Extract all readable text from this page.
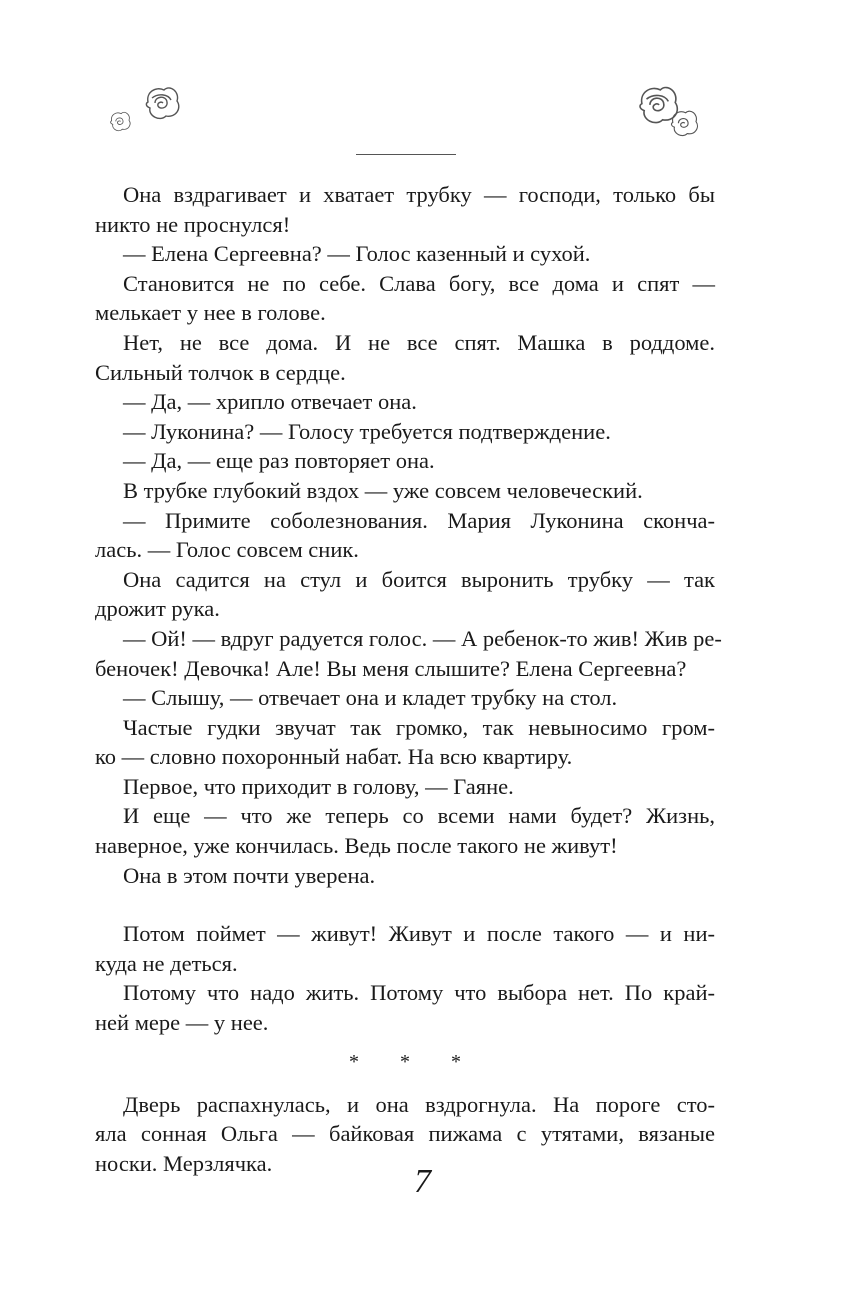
Она вздрагивает и хватает трубку — господи, только бы
никто не проснулся!
— Елена Сергеевна? — Голос казенный и сухой.
Становится не по себе. Слава богу, все дома и спят —
мелькает у нее в голове.
Нет, не все дома. И не все спят. Машка в роддоме.
Сильный толчок в сердце.
— Да, — хрипло отвечает она.
— Луконина? — Голосу требуется подтверждение.
— Да, — еще раз повторяет она.
В трубке глубокий вздох — уже совсем человеческий.
— Примите соболезнования. Мария Луконина сконча-
лась. — Голос совсем сник.
Она садится на стул и боится выронить трубку — так
дрожит рука.
— Ой! — вдруг радуется голос. — А ребенок-то жив! Жив ре-
беночек! Девочка! Але! Вы меня слышите? Елена Сергеевна?
— Слышу, — отвечает она и кладет трубку на стол.
Частые гудки звучат так громко, так невыносимо гром-
ко — словно похоронный набат. На всю квартиру.
Первое, что приходит в голову, — Гаяне.
И еще — что же теперь со всеми нами будет? Жизнь,
наверное, уже кончилась. Ведь после такого не живут!
Она в этом почти уверена.
Потом поймет — живут! Живут и после такого — и ни-
куда не деться.
Потому что надо жить. Потому что выбора нет. По край-
ней мере — у нее.
* * *
Дверь распахнулась, и она вздрогнула. На пороге сто-
яла сонная Ольга — байковая пижама с утятами, вязаные
носки. Мерзлячка.	7
